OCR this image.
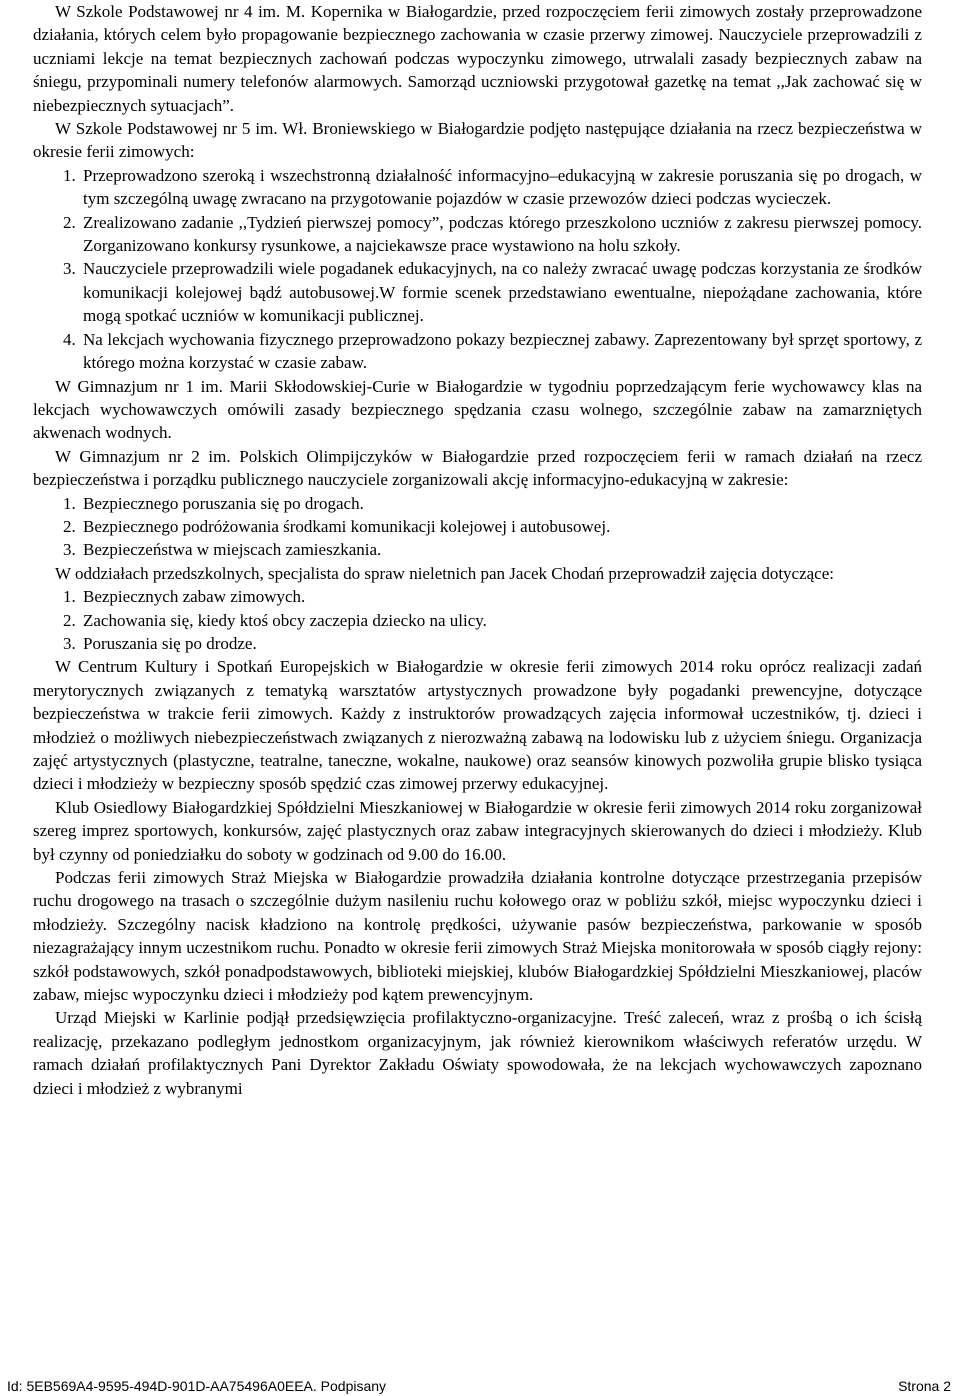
W Szkole Podstawowej nr 4 im. M. Kopernika w Białogardzie, przed rozpoczęciem ferii zimowych zostały przeprowadzone działania, których celem było propagowanie bezpiecznego zachowania w czasie przerwy zimowej. Nauczyciele przeprowadzili z uczniami lekcje na temat bezpiecznych zachowań podczas wypoczynku zimowego, utrwalali zasady bezpiecznych zabaw na śniegu, przypominali numery telefonów alarmowych. Samorząd uczniowski przygotował gazetkę na temat ,,Jak zachować się w niebezpiecznych sytuacjach”.

W Szkole Podstawowej nr 5 im. Wł. Broniewskiego w Białogardzie podjęto następujące działania na rzecz bezpieczeństwa w okresie ferii zimowych:

1. Przeprowadzono szeroką i wszechstronną działalność informacyjno–edukacyjną w zakresie poruszania się po drogach, w tym szczególną uwagę zwracano na przygotowanie pojazdów w czasie przewozów dzieci podczas wycieczek.
2. Zrealizowano zadanie ,,Tydzień pierwszej pomocy”, podczas którego przeszkolono uczniów z zakresu pierwszej pomocy. Zorganizowano konkursy rysunkowe, a najciekawsze prace wystawiono na holu szkoły.
3. Nauczyciele przeprowadzili wiele pogadanek edukacyjnych, na co należy zwracać uwagę podczas korzystania ze środków komunikacji kolejowej bądź autobusowej.W formie scenek przedstawiano ewentualne, niepożądane zachowania, które mogą spotkać uczniów w komunikacji publicznej.
4. Na lekcjach wychowania fizycznego przeprowadzono pokazy bezpiecznej zabawy. Zaprezentowany był sprzęt sportowy, z którego można korzystać w czasie zabaw.

W Gimnazjum nr 1 im. Marii Skłodowskiej-Curie w Białogardzie w tygodniu poprzedzającym ferie wychowawcy klas na lekcjach wychowawczych omówili zasady bezpiecznego spędzania czasu wolnego, szczególnie zabaw na zamarzniętych akwenach wodnych.

W Gimnazjum nr 2 im. Polskich Olimpijczyków w Białogardzie przed rozpoczęciem ferii w ramach działań na rzecz bezpieczeństwa i porządku publicznego nauczyciele zorganizowali akcję informacyjno-edukacyjną w zakresie:

1. Bezpiecznego poruszania się po drogach.
2. Bezpiecznego podróżowania środkami komunikacji kolejowej i autobusowej.
3. Bezpieczeństwa w miejscach zamieszkania.

W oddziałach przedszkolnych, specjalista do spraw nieletnich pan Jacek Chodań przeprowadził zajęcia dotyczące:

1. Bezpiecznych zabaw zimowych.
2. Zachowania się, kiedy ktoś obcy zaczepia dziecko na ulicy.
3. Poruszania się po drodze.

W Centrum Kultury i Spotkań Europejskich w Białogardzie w okresie ferii zimowych 2014 roku oprócz realizacji zadań merytorycznych związanych z tematyką warsztatów artystycznych prowadzone były pogadanki prewencyjne, dotyczące bezpieczeństwa w trakcie ferii zimowych. Każdy z instruktorów prowadzących zajęcia informował uczestników, tj. dzieci i młodzież o możliwych niebezpieczeństwach związanych z nierozważną zabawą na lodowisku lub z użyciem śniegu. Organizacja zajęć artystycznych (plastyczne, teatralne, taneczne, wokalne, naukowe) oraz seansów kinowych pozwoliła grupie blisko tysiąca dzieci i młodzieży w bezpieczny sposób spędzić czas zimowej przerwy edukacyjnej.

Klub Osiedlowy Białogardzkiej Spółdzielni Mieszkaniowej w Białogardzie w okresie ferii zimowych 2014 roku zorganizował szereg imprez sportowych, konkursów, zajęć plastycznych oraz zabaw integracyjnych skierowanych do dzieci i młodzieży. Klub był czynny od poniedziałku do soboty w godzinach od 9.00 do 16.00.

Podczas ferii zimowych Straż Miejska w Białogardzie prowadziła działania kontrolne dotyczące przestrzegania przepisów ruchu drogowego na trasach o szczególnie dużym nasileniu ruchu kołowego oraz w pobliżu szkół, miejsc wypoczynku dzieci i młodzieży. Szczególny nacisk kładziono na kontrolę prędkości, używanie pasów bezpieczeństwa, parkowanie w sposób niezagrażający innym uczestnikom ruchu. Ponadto w okresie ferii zimowych Straż Miejska monitorowała w sposób ciągły rejony: szkół podstawowych, szkół ponadpodstawowych, biblioteki miejskiej, klubów Białogardzkiej Spółdzielni Mieszkaniowej, placów zabaw, miejsc wypoczynku dzieci i młodzieży pod kątem prewencyjnym.

Urząd Miejski w Karlinie podjął przedsięwzięcia profilaktyczno-organizacyjne. Treść zaleceń, wraz z prośbą o ich ścisłą realizację, przekazano podległym jednostkom organizacyjnym, jak również kierownikom właściwych referatów urzędu. W ramach działań profilaktycznych Pani Dyrektor Zakładu Oświaty spowodowała, że na lekcjach wychowawczych zapoznano dzieci i młodzież z wybranymi

Id: 5EB569A4-9595-494D-901D-AA75496A0EEA. Podpisany	Strona 2
